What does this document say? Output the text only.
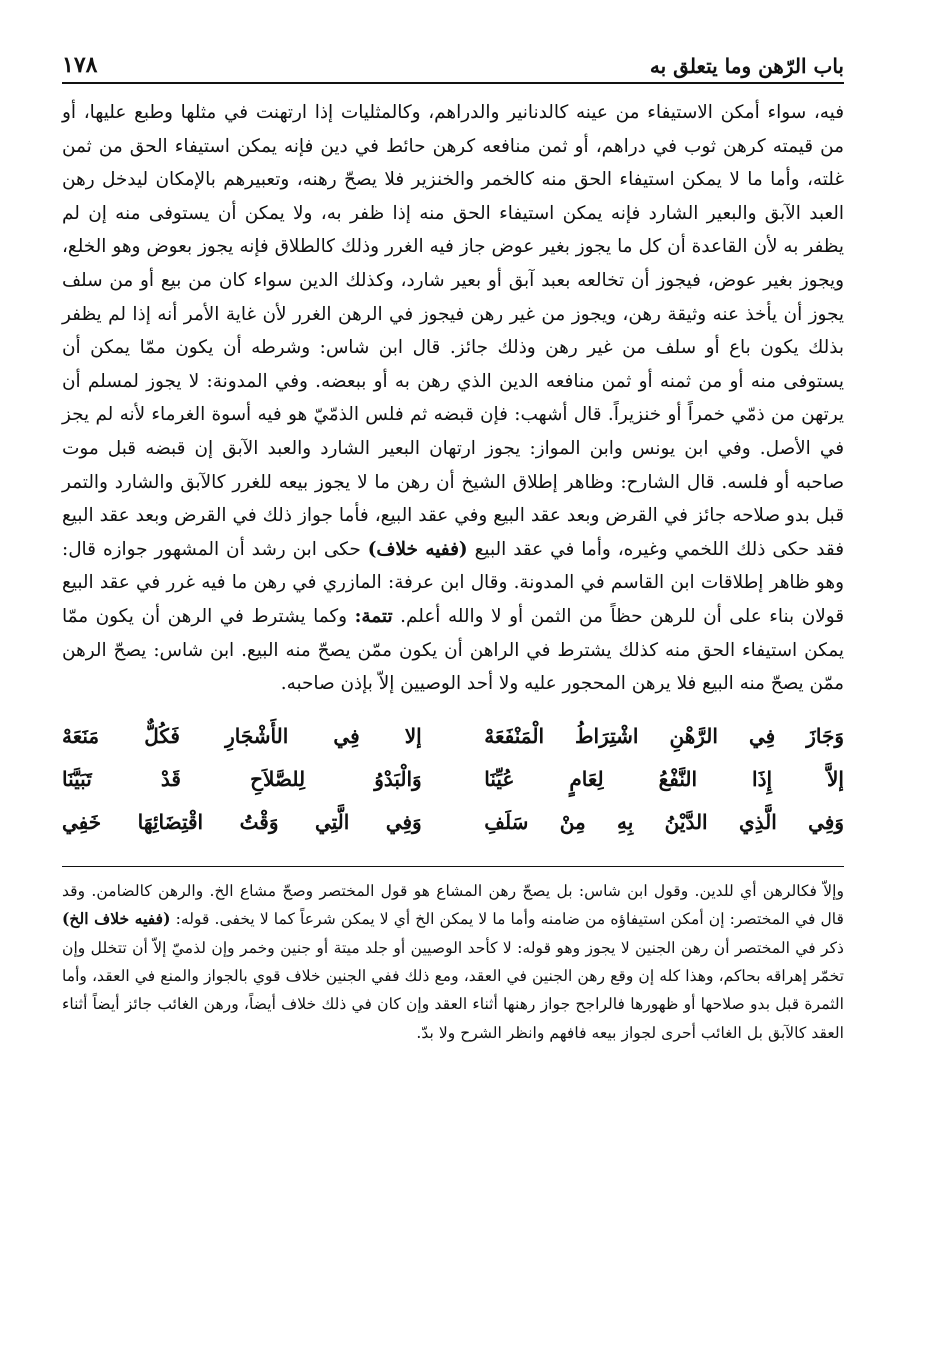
باب الرّهن وما يتعلق به
١٧٨

فيه، سواء أمكن الاستيفاء من عينه كالدنانير والدراهم، وكالمثليات إذا ارتهنت في مثلها وطبع عليها، أو من قيمته كرهن ثوب في دراهم، أو ثمن منافعه كرهن حائط في دين فإنه يمكن استيفاء الحق من ثمن غلته، وأما ما لا يمكن استيفاء الحق منه كالخمر والخنزير فلا يصحّ رهنه، وتعبيرهم بالإمكان ليدخل رهن العبد الآبق والبعير الشارد فإنه يمكن استيفاء الحق منه إذا ظفر به، ولا يمكن أن يستوفى منه إن لم يظفر به لأن القاعدة أن كل ما يجوز بغير عوض جاز فيه الغرر وذلك كالطلاق فإنه يجوز بعوض وهو الخلع، ويجوز بغير عوض، فيجوز أن تخالعه بعبد آبق أو بعير شارد، وكذلك الدين سواء كان من بيع أو من سلف يجوز أن يأخذ عنه وثيقة رهن، ويجوز من غير رهن فيجوز في الرهن الغرر لأن غاية الأمر أنه إذا لم يظفر بذلك يكون باع أو سلف من غير رهن وذلك جائز. قال ابن شاس: وشرطه أن يكون ممّا يمكن أن يستوفى منه أو من ثمنه أو ثمن منافعه الدين الذي رهن به أو ببعضه. وفي المدونة: لا يجوز لمسلم أن يرتهن من ذمّي خمراً أو خنزيراً. قال أشهب: فإن قبضه ثم فلس الذمّيّ هو فيه أسوة الغرماء لأنه لم يجز في الأصل. وفي ابن يونس وابن المواز: يجوز ارتهان البعير الشارد والعبد الآبق إن قبضه قبل موت صاحبه أو فلسه. قال الشارح: وظاهر إطلاق الشيخ أن رهن ما لا يجوز بيعه للغرر كالآبق والشارد والتمر قبل بدو صلاحه جائز في القرض وبعد عقد البيع وفي عقد البيع، فأما جواز ذلك في القرض وبعد عقد البيع فقد حكى ذلك اللخمي وغيره، وأما في عقد البيع (ففيه خلاف) حكى ابن رشد أن المشهور جوازه قال: وهو ظاهر إطلاقات ابن القاسم في المدونة. وقال ابن عرفة: المازري في رهن ما فيه غرر في عقد البيع قولان بناء على أن للرهن حظاً من الثمن أو لا والله أعلم. تتمة: وكما يشترط في الرهن أن يكون ممّا يمكن استيفاء الحق منه كذلك يشترط في الراهن أن يكون ممّن يصحّ منه البيع. ابن شاس: يصحّ الرهن ممّن يصحّ منه البيع فلا يرهن المحجور عليه ولا أحد الوصيين إلاّ بإذن صاحبه.

وَجَازَ فِي الرَّهْنِ اشْتِرَاطُ الْمَنْفَعَهْ
إلا فِي الأَشْجَارِ فَكُلٌّ مَنَعَهْ
إلاَّ إِذَا النَّفْعُ لِعَامٍ عُيِّنَا
وَالْبَدْوُ لِلصَّلاَحِ قَدْ تَبَيَّنَا
وَفِي الَّذِي الدَّيْنُ بِهِ مِنْ سَلَفِ
وَفِي الَّتِي وَقْتُ اقْتِضَائِهَا خَفِي
وإلاّ فكالرهن أي للدين. وقول ابن شاس: بل يصحّ رهن المشاع هو قول المختصر وصحّ مشاع الخ. والرهن كالضامن. وقد قال في المختصر: إن أمكن استيفاؤه من ضامنه وأما ما لا يمكن الخ أي لا يمكن شرعاً كما لا يخفى. قوله: (ففيه خلاف الخ) ذكر في المختصر أن رهن الجنين لا يجوز وهو قوله: لا كأحد الوصيين أو جلد ميتة أو جنين وخمر وإن لذميّ إلاّ أن تتخلل وإن تخمّر إهراقه بحاكم، وهذا كله إن وقع رهن الجنين في العقد، ومع ذلك ففي الجنين خلاف قوي بالجواز والمنع في العقد، وأما الثمرة قبل بدو صلاحها أو ظهورها فالراجح جواز رهنها أثناء العقد وإن كان في ذلك خلاف أيضاً، ورهن الغائب جائز أيضاً أثناء العقد كالآبق بل الغائب أحرى لجواز بيعه فافهم وانظر الشرح ولا بدّ.
